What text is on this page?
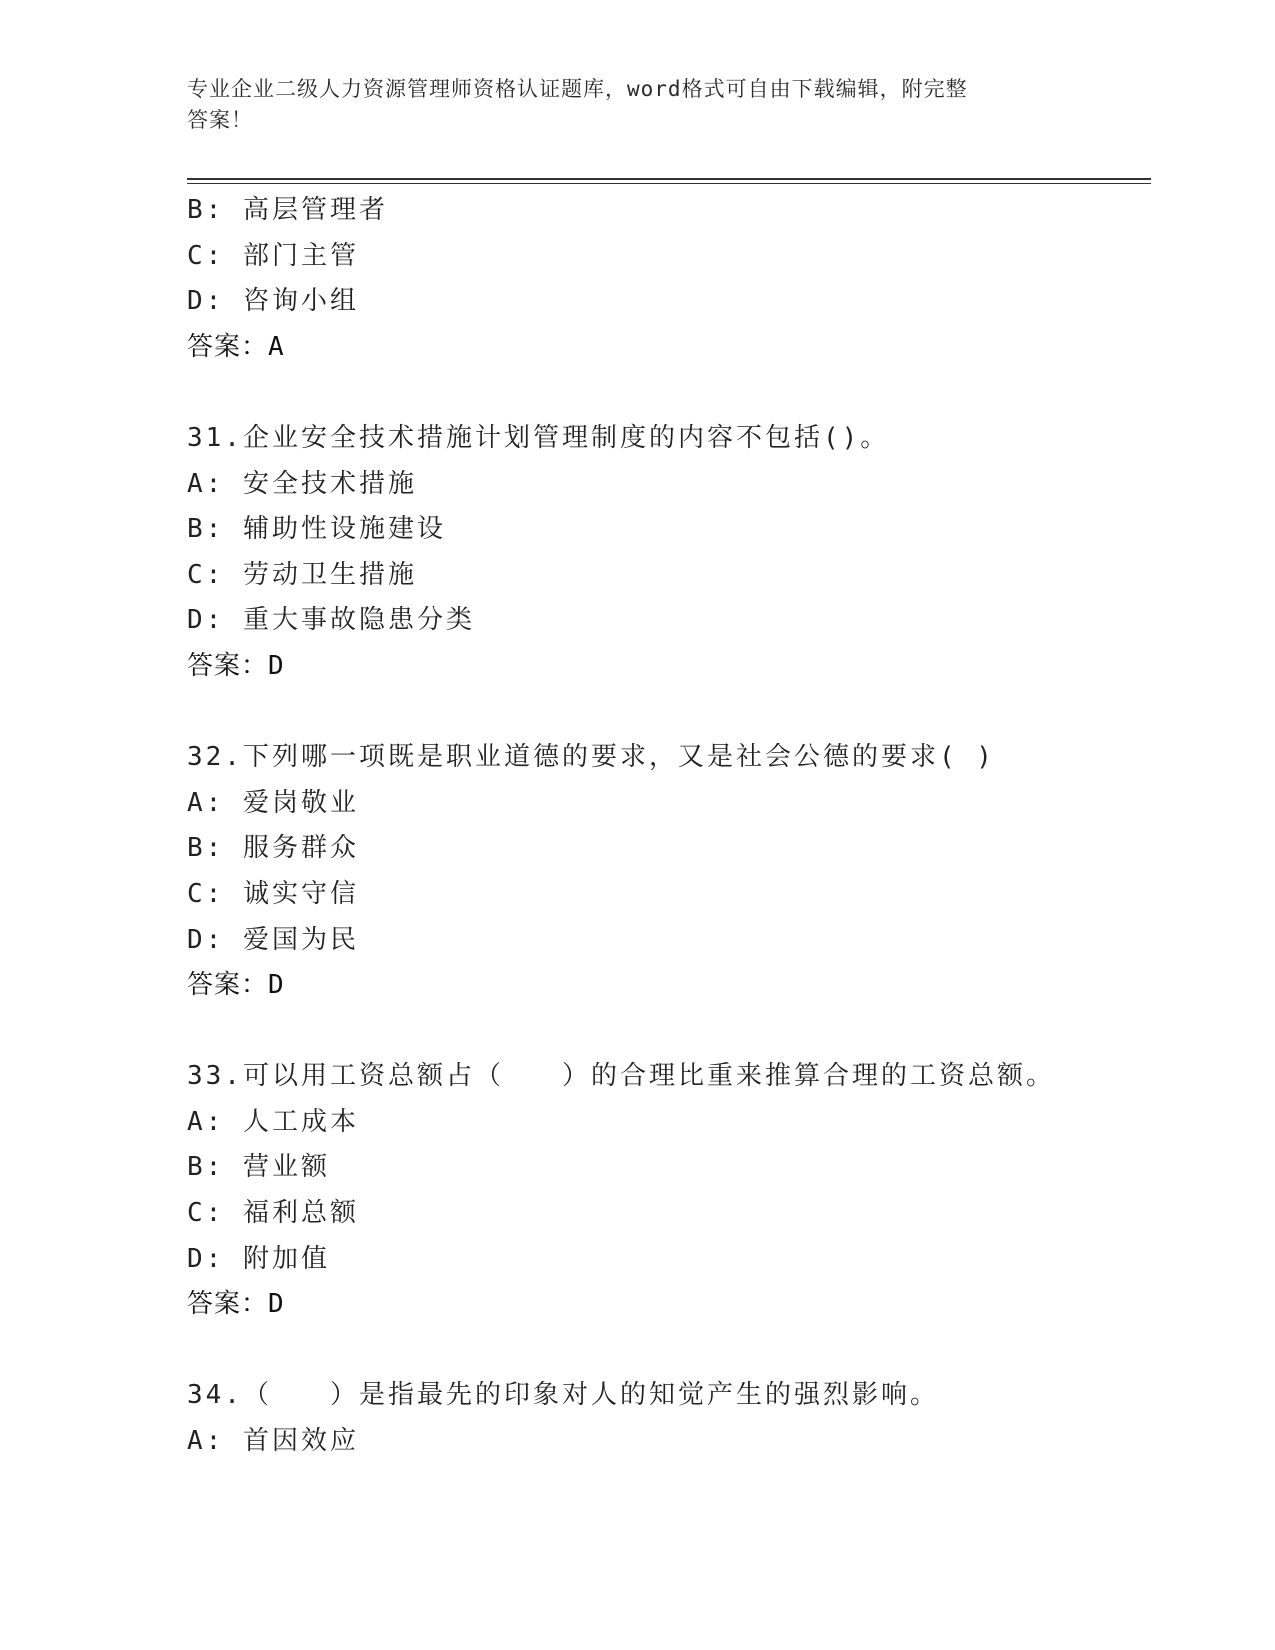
专业企业二级人力资源管理师资格认证题库，word格式可自由下载编辑，附完整
答案！
B: 高层管理者
C: 部门主管
D: 咨询小组
答案：A
31.企业安全技术措施计划管理制度的内容不包括()。
A: 安全技术措施
B: 辅助性设施建设
C: 劳动卫生措施
D: 重大事故隐患分类
答案：D
32.下列哪一项既是职业道德的要求，又是社会公德的要求( )
A: 爱岗敬业
B: 服务群众
C: 诚实守信
D: 爱国为民
答案：D
33.可以用工资总额占（　　）的合理比重来推算合理的工资总额。
A: 人工成本
B: 营业额
C: 福利总额
D: 附加值
答案：D
34.（　　）是指最先的印象对人的知觉产生的强烈影响。
A: 首因效应
